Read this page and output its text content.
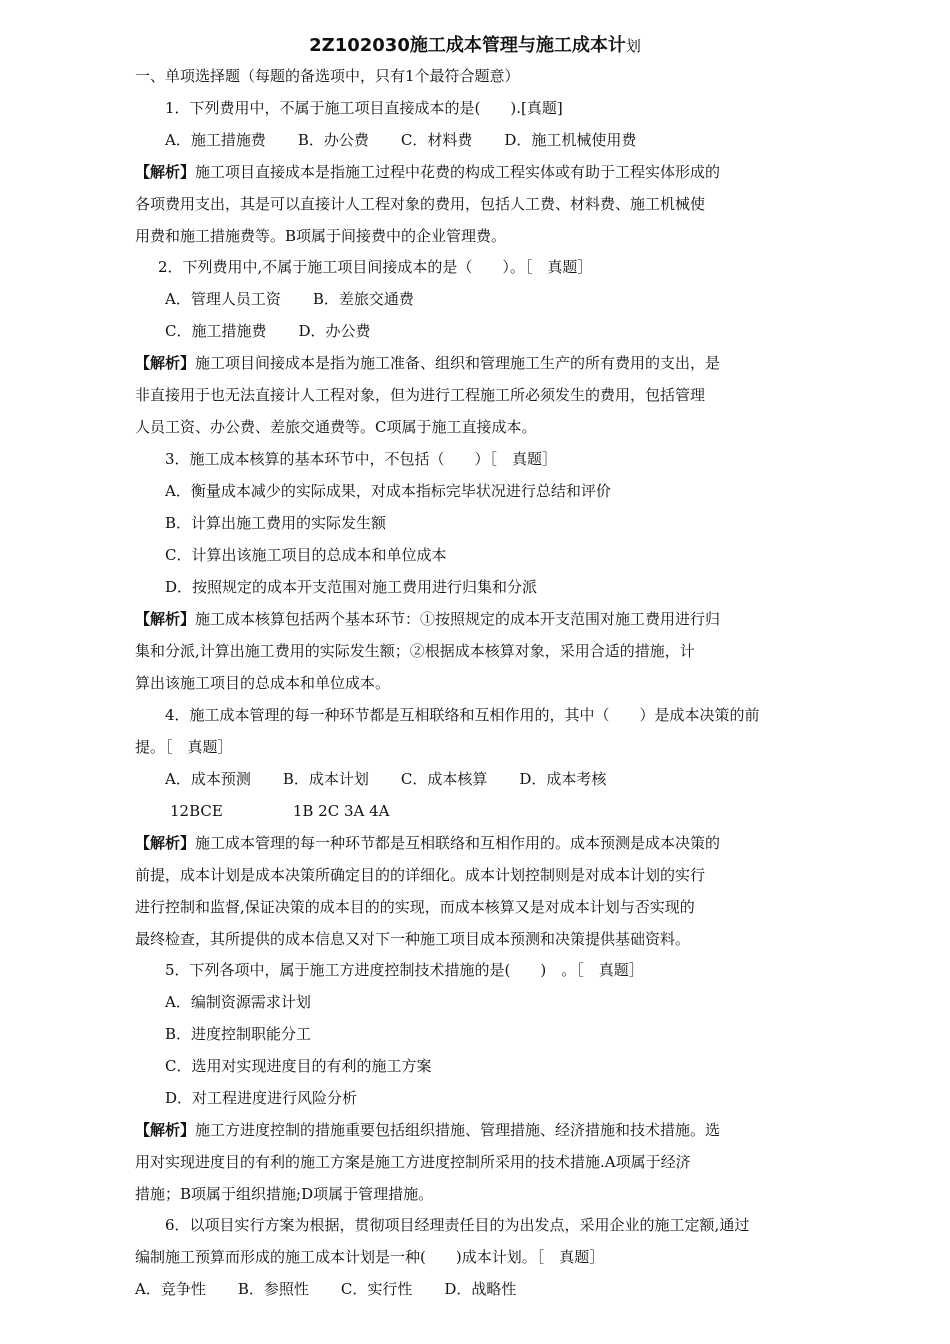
2Z102030施工成本管理与施工成本计划
一、单项选择题（每题的备选项中，只有1个最符合题意）
1．下列费用中，不属于施工项目直接成本的是(　　).[真题]
A．施工措施费 B．办公费 C．材料费 D．施工机械使用费
【解析】施工项目直接成本是指施工过程中花费的构成工程实体或有助于工程实体形成的
各项费用支出，其是可以直接计人工程对象的费用，包括人工费、材料费、施工机械使
用费和施工措施费等。B项属于间接费中的企业管理费。
2．下列费用中,不属于施工项目间接成本的是（　　）。［　真题］
A．管理人员工资 B．差旅交通费
C．施工措施费 D．办公费
【解析】施工项目间接成本是指为施工准备、组织和管理施工生产的所有费用的支出，是
非直接用于也无法直接计人工程对象，但为进行工程施工所必须发生的费用，包括管理
人员工资、办公费、差旅交通费等。C项属于施工直接成本。
3．施工成本核算的基本环节中，不包括（　　）［　真题］
A．衡量成本减少的实际成果，对成本指标完毕状况进行总结和评价
B．计算出施工费用的实际发生额
C．计算出该施工项目的总成本和单位成本
D．按照规定的成本开支范围对施工费用进行归集和分派
【解析】施工成本核算包括两个基本环节：①按照规定的成本开支范围对施工费用进行归
集和分派,计算出施工费用的实际发生额；②根据成本核算对象，采用合适的措施，计
算出该施工项目的总成本和单位成本。
4．施工成本管理的每一种环节都是互相联络和互相作用的，其中（　　）是成本决策的前
提。［　真题］
A．成本预测 B．成本计划 C．成本核算 D．成本考核
12BCE	1B 2C 3A 4A
【解析】施工成本管理的每一种环节都是互相联络和互相作用的。成本预测是成本决策的
前提，成本计划是成本决策所确定目的的详细化。成本计划控制则是对成本计划的实行
进行控制和监督,保证决策的成本目的的实现，而成本核算又是对成本计划与否实现的
最终检查，其所提供的成本信息又对下一种施工项目成本预测和决策提供基础资料。
5．下列各项中，属于施工方进度控制技术措施的是(　　)　。［　真题］
A．编制资源需求计划
B．进度控制职能分工
C．选用对实现进度目的有利的施工方案
D．对工程进度进行风险分析
【解析】施工方进度控制的措施重要包括组织措施、管理措施、经济措施和技术措施。选
用对实现进度目的有利的施工方案是施工方进度控制所采用的技术措施.A项属于经济
措施；B项属于组织措施;D项属于管理措施。
6．以项目实行方案为根据，贯彻项目经理责任目的为出发点，采用企业的施工定额,通过
编制施工预算而形成的施工成本计划是一种(　　)成本计划。［　真题］
A．竞争性 B．参照性 C．实行性 D．战略性
